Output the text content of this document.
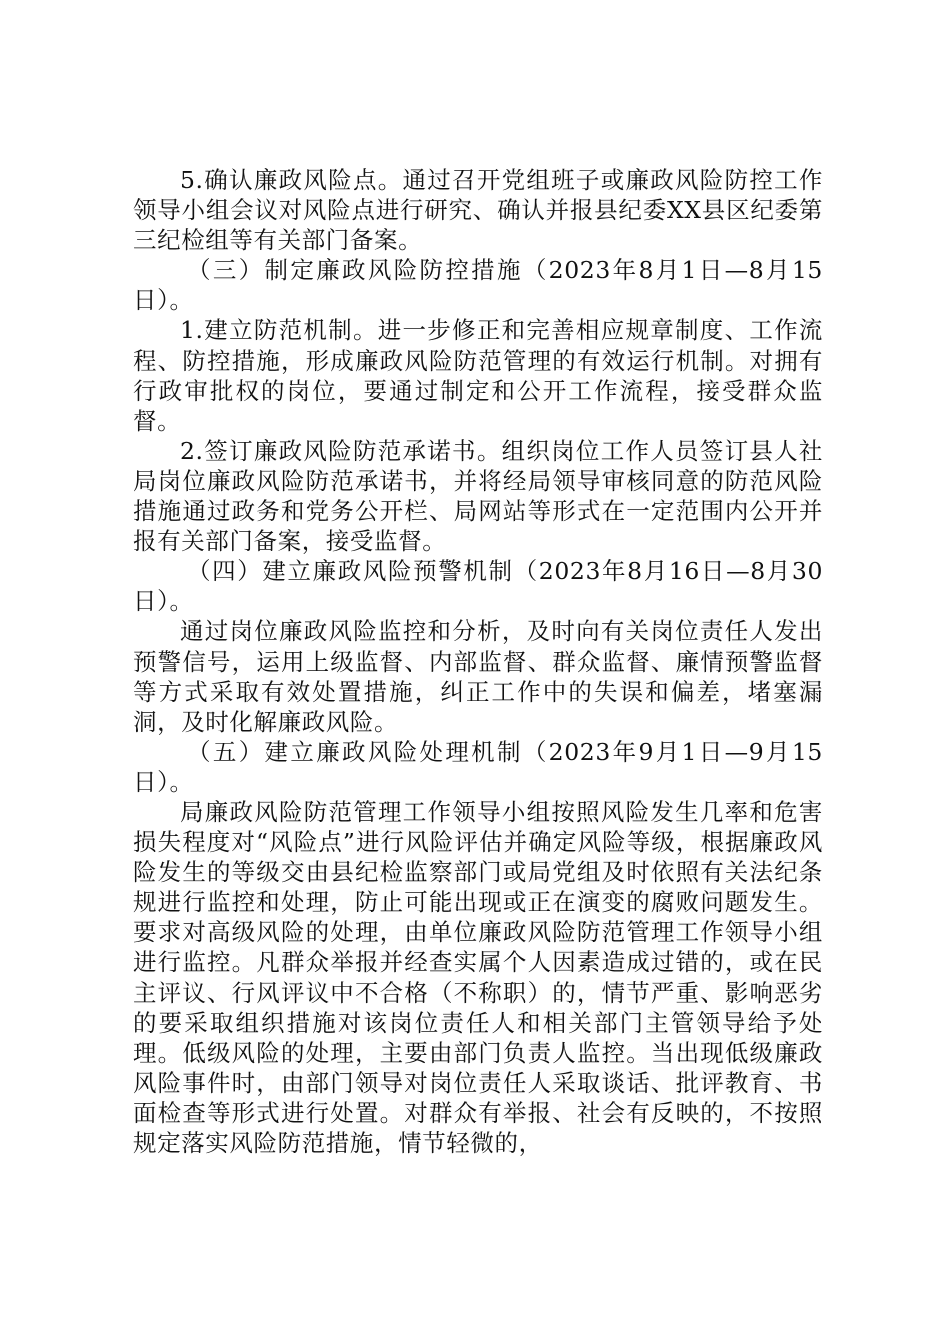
5.确认廉政风险点。通过召开党组班子或廉政风险防控工作领导小组会议对风险点进行研究、确认并报县纪委XX县区纪委第三纪检组等有关部门备案。

（三）制定廉政风险防控措施（2023年8月1日—8月15日）。

1.建立防范机制。进一步修正和完善相应规章制度、工作流程、防控措施，形成廉政风险防范管理的有效运行机制。对拥有行政审批权的岗位，要通过制定和公开工作流程，接受群众监督。

2.签订廉政风险防范承诺书。组织岗位工作人员签订县人社局岗位廉政风险防范承诺书，并将经局领导审核同意的防范风险措施通过政务和党务公开栏、局网站等形式在一定范围内公开并报有关部门备案，接受监督。

（四）建立廉政风险预警机制（2023年8月16日—8月30日）。

通过岗位廉政风险监控和分析，及时向有关岗位责任人发出预警信号，运用上级监督、内部监督、群众监督、廉情预警监督等方式采取有效处置措施，纠正工作中的失误和偏差，堵塞漏洞，及时化解廉政风险。

（五）建立廉政风险处理机制（2023年9月1日—9月15日）。

局廉政风险防范管理工作领导小组按照风险发生几率和危害损失程度对“风险点”进行风险评估并确定风险等级，根据廉政风险发生的等级交由县纪检监察部门或局党组及时依照有关法纪条规进行监控和处理，防止可能出现或正在演变的腐败问题发生。要求对高级风险的处理，由单位廉政风险防范管理工作领导小组进行监控。凡群众举报并经查实属个人因素造成过错的，或在民主评议、行风评议中不合格（不称职）的，情节严重、影响恶劣的要采取组织措施对该岗位责任人和相关部门主管领导给予处理。低级风险的处理，主要由部门负责人监控。当出现低级廉政风险事件时，由部门领导对岗位责任人采取谈话、批评教育、书面检查等形式进行处置。对群众有举报、社会有反映的，不按照规定落实风险防范措施，情节轻微的，
